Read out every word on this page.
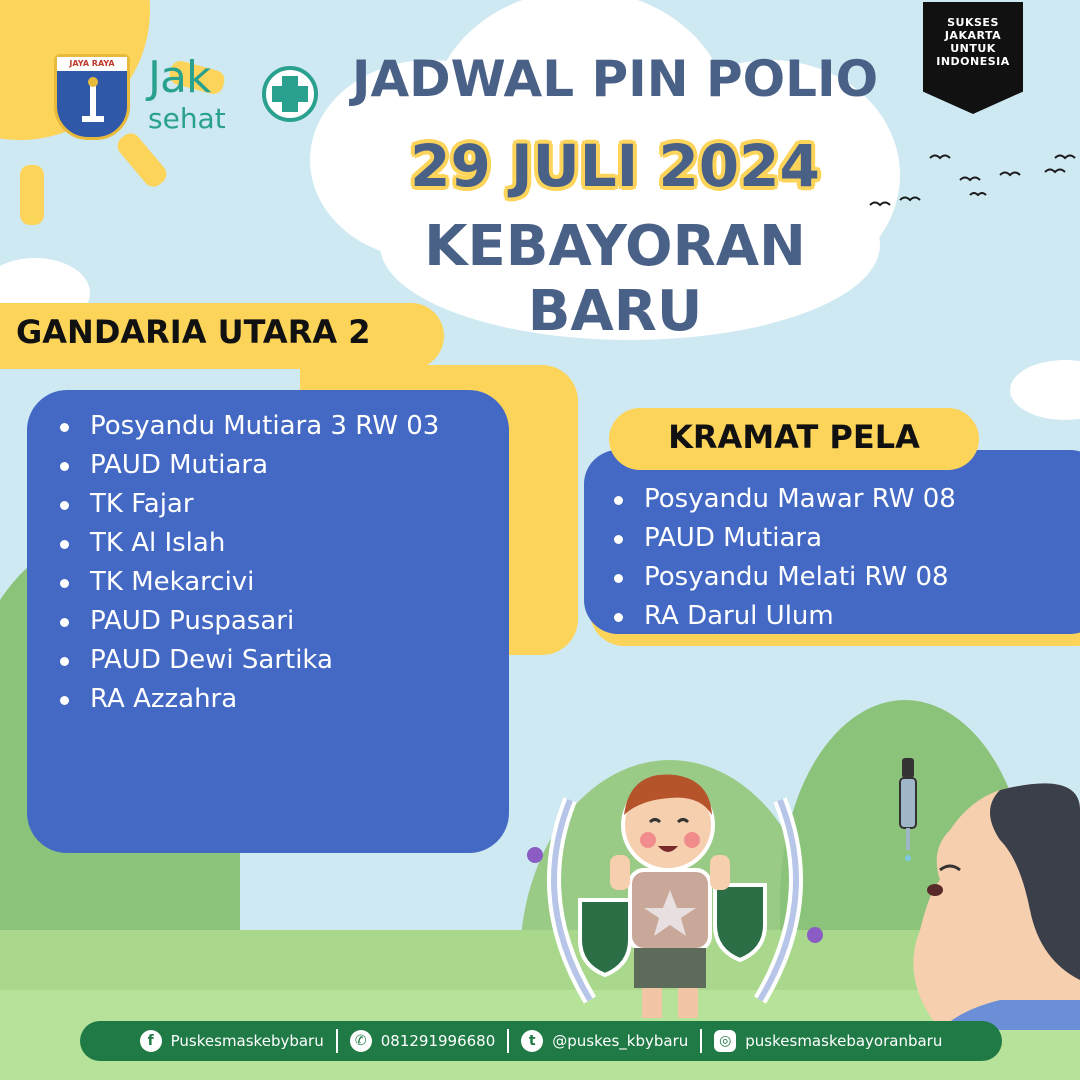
JAYA RAYA Jak
sehat
SUKSES
JAKARTA
UNTUK
INDONESIA
JADWAL PIN POLIO
29 JULI 2024
KEBAYORAN BARU
GANDARIA UTARA 2
Posyandu Mutiara 3 RW 03
PAUD Mutiara
TK Fajar
TK Al Islah
TK Mekarcivi
PAUD Puspasari
PAUD Dewi Sartika
RA Azzahra
KRAMAT PELA
Posyandu Mawar RW 08
PAUD Mutiara
Posyandu Melati RW 08
RA Darul Ulum
f	Puskesmaskebybaru	✆ 081291996680	t	@puskes_kbybaru	◎ puskesmaskebayoranbaru
